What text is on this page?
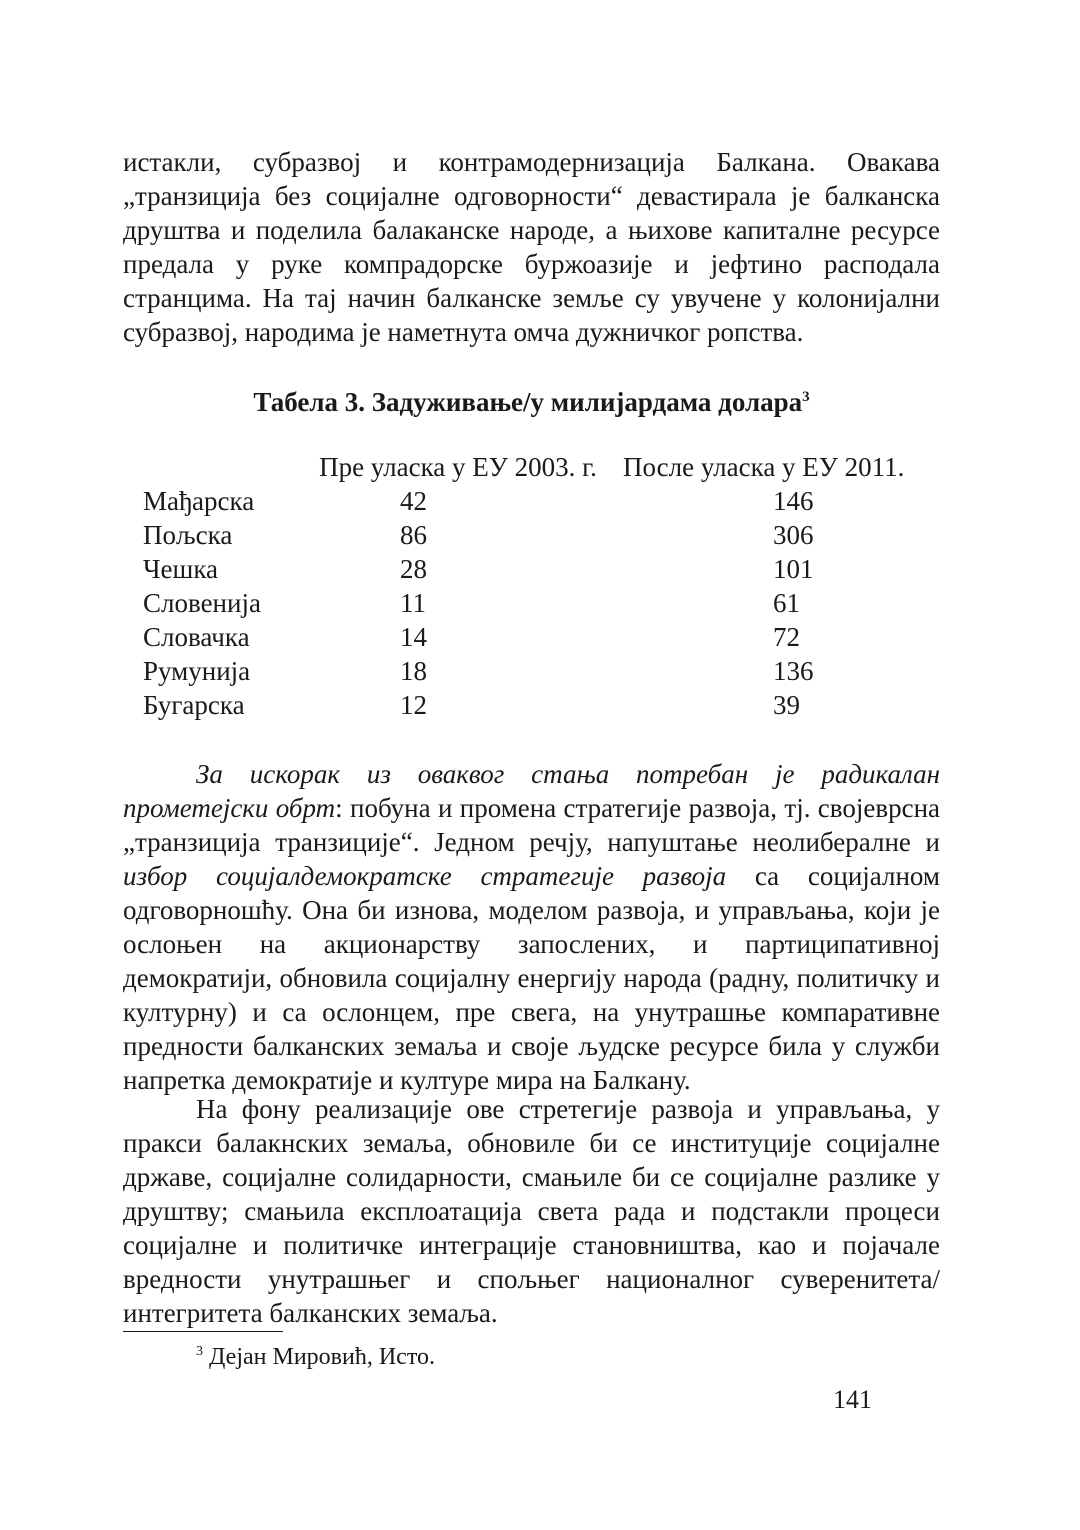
истакли, субразвој и контрамодернизација Балкана. Овакава „транзиција без социјалне одговорности“ девастирала је балканска друштва и поделила балаканске народе, а њихове капиталне ресурсе предала у руке компрадорске буржоазије и јефтино расподала странцима. На тај начин балканске земље су увучене у колонијални субразвој, народима је наметнута омча дужничког ропства.

Табела 3. Задуживање/у милијардама долара$^3$
Пре уласка у ЕУ 2003. г. После уласка у ЕУ 2011.
Мађарска	42	146
Пољска	86	306
Чешка	28	101
Словенија	11	61
Словачка	14	72
Румунија	18	136
Бугарска	12	39

За искорак из оваквог стања потребан је радикалан прометејски обрт: побуна и промена стратегије развоја, тј. својеврсна „транзиција транзиције“. Једном речју, напуштање неолибералне и избор социјалдемократске стратегије развоја са социјалном одговорношћу. Она би изнова, моделом развоја, и управљања, који је ослоњен на акционарству запослених, и партиципативној демократији, обновила социјалну енергију народа (радну, политичку и културну) и са ослонцем, пре свега, на унутрашње компаративне предности балканских земаља и своје људске ресурсе била у служби напретка демократије и културе мира на Балкану.

На фону реализације ове стретегије развоја и управљања, у пракси балакнских земаља, обновиле би се институције социјалне државе, социјалне солидарности, смањиле би се социјалне разлике у друштву; смањила експлоатација света рада и подстакли процеси социјалне и политичке интеграције становништва, као и појачале вредности унутрашњег и спољњег националног суверенитета/интегритета балканских земаља.

$^3$ Дејан Мировић, Исто.
141
